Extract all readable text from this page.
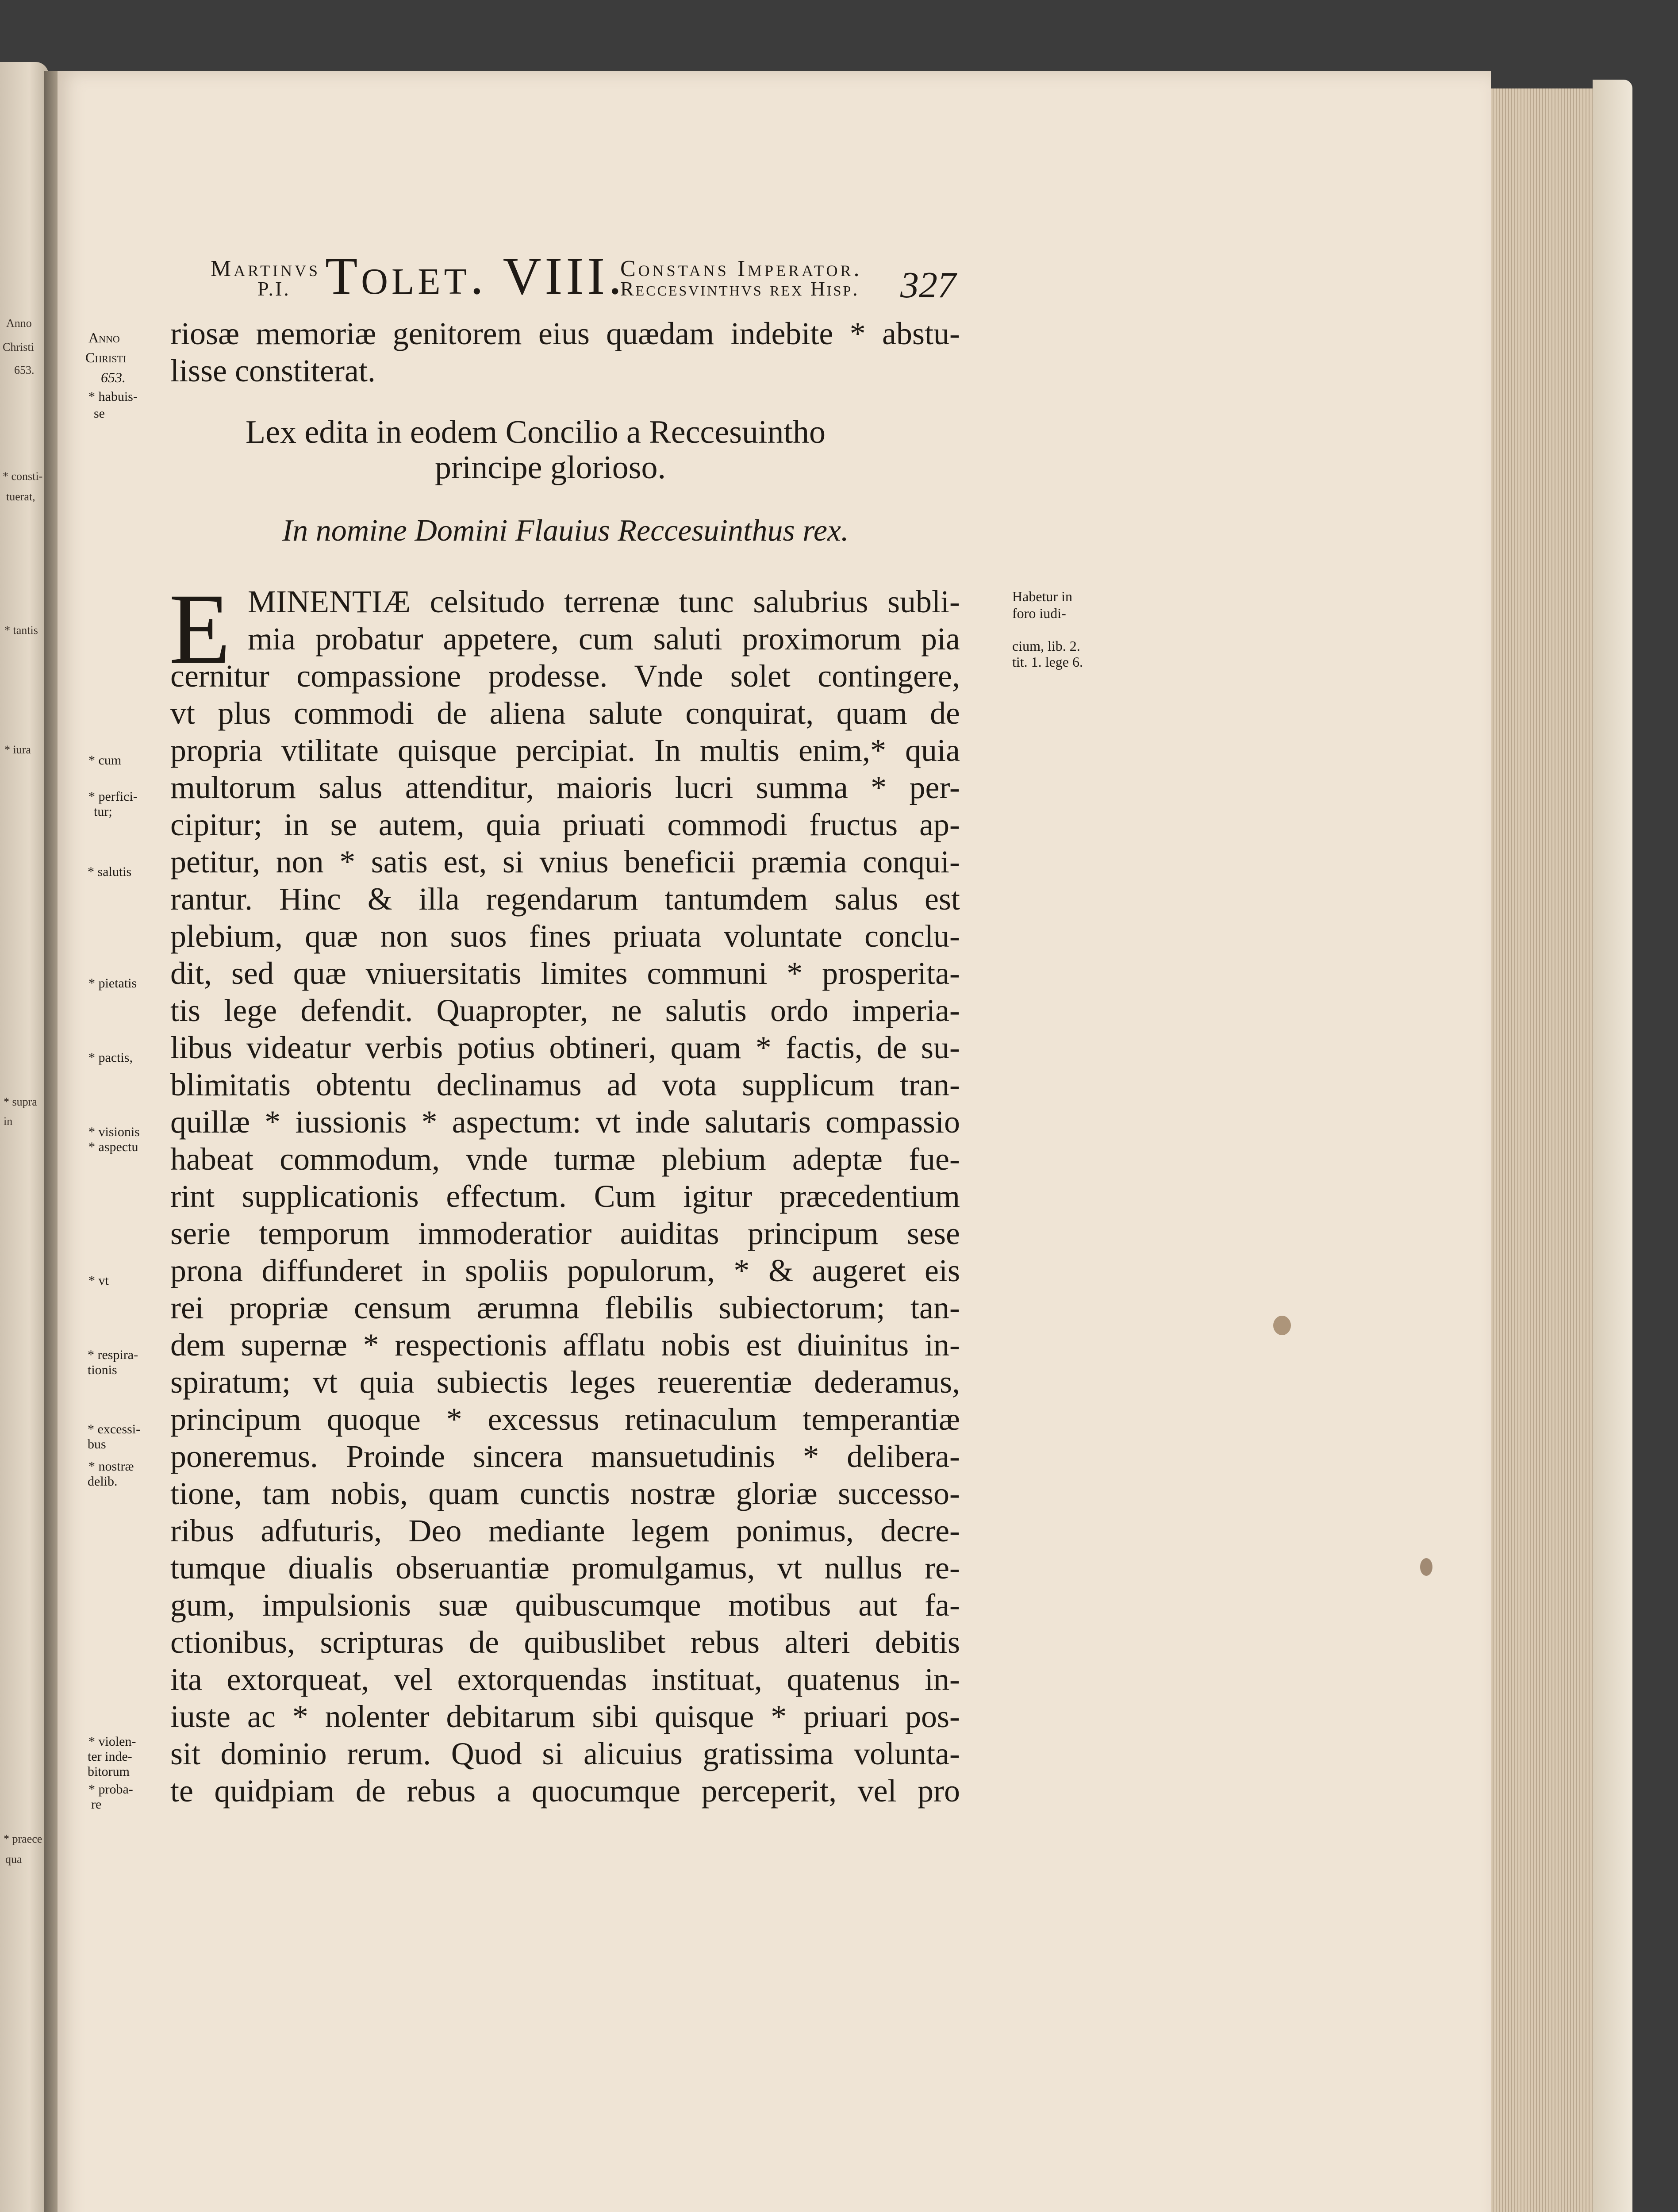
Anno
Christi
653.
* consti-
tuerat,
* tantis
* iura
* supra
in
* praece
qua
Martinvs
P.I. Tolet. VIII.
Constans Imperator.
Reccesvinthvs rex Hisp. 327
Anno
Christi
653.
* habuis-
se
riosæ memoriæ genitorem eius quædam indebite * abstu-
lisse constiterat.
Lex edita in eodem Concilio a Reccesuintho
principe glorioso.
In nomine Domini Flauius Reccesuinthus rex.
E MINENTIÆ celsitudo terrenæ tunc salubrius subli-
mia probatur appetere, cum saluti proximorum pia
cernitur compassione prodesse. Vnde solet contingere,
vt plus commodi de aliena salute conquirat, quam de
propria vtilitate quisque percipiat. In multis enim,* quia
multorum salus attenditur, maioris lucri summa * per-
cipitur; in se autem, quia priuati commodi fructus ap-
petitur, non * satis est, si vnius beneficii præmia conqui-
rantur. Hinc & illa regendarum tantumdem salus est
plebium, quæ non suos fines priuata voluntate conclu-
dit, sed quæ vniuersitatis limites communi * prosperita-
tis lege defendit. Quapropter, ne salutis ordo imperia-
libus videatur verbis potius obtineri, quam * factis, de su-
blimitatis obtentu declinamus ad vota supplicum tran-
quillæ * iussionis * aspectum: vt inde salutaris compassio
habeat commodum, vnde turmæ plebium adeptæ fue-
rint supplicationis effectum. Cum igitur præcedentium
serie temporum immoderatior auiditas principum sese
prona diffunderet in spoliis populorum, * & augeret eis
rei propriæ censum ærumna flebilis subiectorum; tan-
dem supernæ * respectionis afflatu nobis est diuinitus in-
spiratum; vt quia subiectis leges reuerentiæ dederamus,
principum quoque * excessus retinaculum temperantiæ
poneremus. Proinde sincera mansuetudinis * delibera-
tione, tam nobis, quam cunctis nostræ gloriæ successo-
ribus adfuturis, Deo mediante legem ponimus, decre-
tumque diualis obseruantiæ promulgamus, vt nullus re-
gum, impulsionis suæ quibuscumque motibus aut fa-
ctionibus, scripturas de quibuslibet rebus alteri debitis
ita extorqueat, vel extorquendas instituat, quatenus in-
iuste ac * nolenter debitarum sibi quisque * priuari pos-
sit dominio rerum. Quod si alicuius gratissima volunta-
te quidpiam de rebus a quocumque perceperit, vel pro
* cum
* perfici-
tur;
* salutis
* pietatis
* pactis,
* visionis
* aspectu
* vt
* respira-
tionis
* excessi-
bus
* nostræ
delib.
* violen-
ter inde-
bitorum
* proba-
re
Habetur in
foro iudi-
cium, lib. 2.
tit. 1. lege 6.
